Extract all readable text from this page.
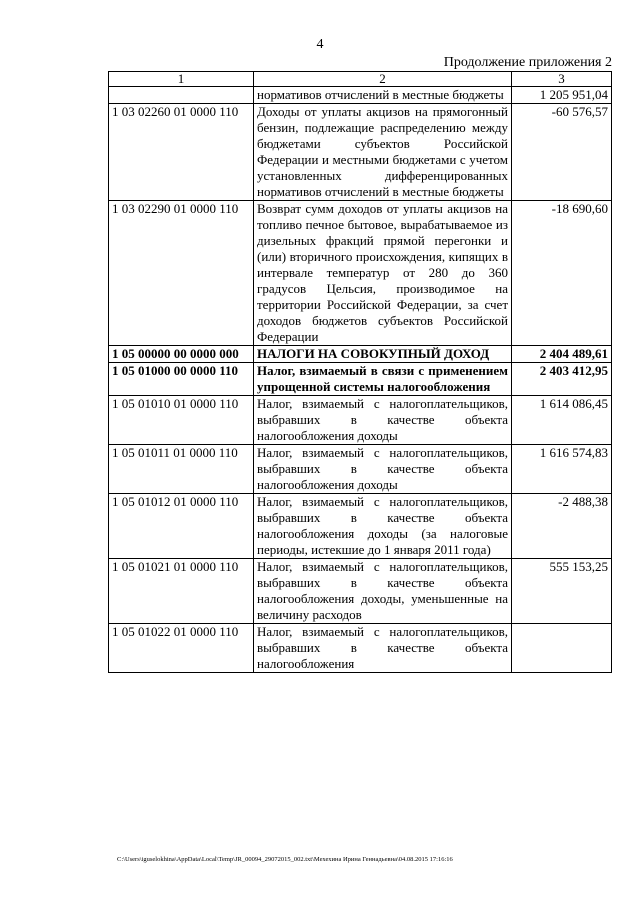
4
Продолжение приложения 2
1	2	3
	нормативов отчислений в местные бюджеты	1 205 951,04
1 03 02260 01 0000 110	Доходы от уплаты акцизов на прямогонный бензин, подлежащие распределению между бюджетами субъектов Российской Федерации и местными бюджетами с учетом установленных дифференцированных нормативов отчислений в местные бюджеты	-60 576,57
1 03 02290 01 0000 110	Возврат сумм доходов от уплаты акцизов на топливо печное бытовое, вырабатываемое из дизельных фракций прямой перегонки и (или) вторичного происхождения, кипящих в интервале температур от 280 до 360 градусов Цельсия, производимое на территории Российской Федерации, за счет доходов бюджетов субъектов Российской Федерации	-18 690,60
1 05 00000 00 0000 000	НАЛОГИ НА СОВОКУПНЫЙ ДОХОД	2 404 489,61
1 05 01000 00 0000 110	Налог, взимаемый в связи с применением упрощенной системы налогообложения	2 403 412,95
1 05 01010 01 0000 110	Налог, взимаемый с налогоплательщиков, выбравших в качестве объекта налогообложения доходы	1 614 086,45
1 05 01011 01 0000 110	Налог, взимаемый с налогоплательщиков, выбравших в качестве объекта налогообложения доходы	1 616 574,83
1 05 01012 01 0000 110	Налог, взимаемый с налогоплательщиков, выбравших в качестве объекта налогообложения доходы (за налоговые периоды, истекшие до 1 января 2011 года)	-2 488,38
1 05 01021 01 0000 110	Налог, взимаемый с налогоплательщиков, выбравших в качестве объекта налогообложения доходы, уменьшенные на величину расходов	555 153,25
1 05 01022 01 0000 110	Налог, взимаемый с налогоплательщиков, выбравших в качестве объекта налогообложения	
C:\Users\iguselokhina\AppData\Local\Temp\JR_00094_29072015_002.txt\Мехехина Ирина Геннадьевна\04.08.2015 17:16:16
